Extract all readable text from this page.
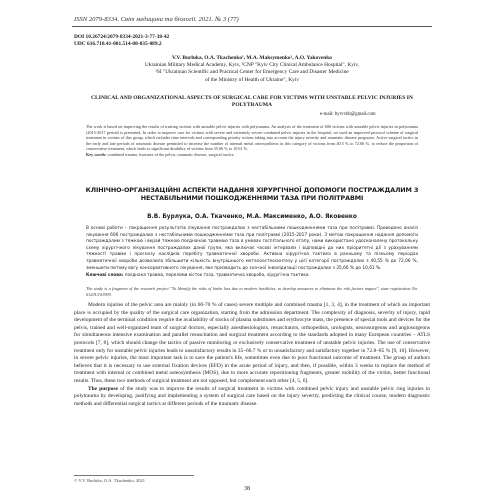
ISSN 2079-8334. Світ медицини та біології. 2021. № 3 (77)
DOI 10.26724/2079-8334-2021-3-77-38-42
UDC 616.718.41-001.514-08-035-089.2
V.V. Burluka, O.A. Tkachenko¹, M.A. Maksymenko², A.O. Yakovenko
Ukrainian Military Medical Academy, Kyiv, ¹CNP "Kyiv City Clinical Ambulance Hospital", Kyiv,
²SI "Ukrainian Scientific and Practical Center for Emergency Care and Disaster Medicine
of the Ministry of Health of Ukraine", Kyiv
CLINICAL AND ORGANIZATIONAL ASPECTS OF SURGICAL CARE FOR VICTIMS WITH UNSTABLE PELVIC INJURIES IN POLYTRAUMA
e-mail: byrvvbb@gmail.com
The work is based on improving the results of treating victims with unstable pelvic injuries with polytrauma. An analysis of the treatment of 606 victims with unstable pelvic injuries in polytrauma (2015-2017 period) is presented. In order to improve care for victims with severe and extremely severe combined pelvic injuries in the hospital, we used an improved protocol scheme of surgical treatment in victims of this group, which includes time intervals and corresponding priority actions taking into account the injury severity and traumatic disease prognosis. Active surgical tactics in the early and late periods of traumatic disease permitted to increase the number of internal metal osteosynthesis in this category of victims from 40.5 % to 72.06 %, to reduce the proportion of conservative treatment, which leads to significant disability of victims from 35.66 % to 10.61 %.
Key words: combined trauma, fractures of the pelvis, traumatic disease, surgical tactics.
КЛІНІЧНО-ОРГАНІЗАЦІЙНІ АСПЕКТИ НАДАННЯ ХІРУРГІЧНОЇ ДОПОМОГИ ПОСТРАЖДАЛИМ З НЕСТАБІЛЬНИМИ ПОШКОДЖЕННЯМИ ТАЗА ПРИ ПОЛІТРАВМІ
В.В. Бурлука, О.А. Ткаченко, М.А. Максименко, А.О. Яковенко
В основі роботи – покращення результатів лікування постраждалих з нестабільними пошкодженнями таза при політравмі. Проведено аналіз лікування 606 постраждалих з нестабільними пошкодженнями таза при політравмі (2015-2017 роки). З метою покращення надання допомоги постраждалим з тяжкою і вкрай тяжкою поєднаною травмою таза в умовах госпітального етапу, нами використано удосконалену протокольну схему хірургічного лікування постраждалих даної групи, яка включає часові інтервали і відповідні до них пріоритетні дії з урахуванням тяжкості травми і прогнозу наслідків перебігу травматичної хвороби. Активна хірургічна тактика в ранньому та пізньому періодах травматичної хвороби дозволила збільшити кількість внутрішнього металоостеосинтезу у цієї категорії постраждалих з 40,55 % до 72,06 %, зменшити питому вагу консервативного лікування, яке призводить до значної інвалідизації постраждалих з 35,66 % до 10,61 %.
Ключові слова: поєднана травма, переломи кісток таза, травматична хвороба, хірургічна тактика.
The study is a fragment of the research project "To Identify the risks of limbs loss due to modern hostilities, to develop measures to eliminate the risk factors impact", state registration No. 0120U101999.

Modern injuries of the pelvic area are mainly (in 60-70 % of cases) severe multiple and combined trauma [1, 3, 4], in the treatment of which an important place is occupied by the quality of the surgical care organization, starting from the admission department. The complexity of diagnosis, severity of injury, rapid development of the terminal condition require the availability of stocks of plasma substitutes and erythrocyte mass, the presence of special tools and devices for the pelvis, trained and well-organized team of surgical doctors, especially anesthesiologists, resuscitators, orthopedists, urologists, neurosurgeons and angiosurgeons for simultaneous intensive examination and parallel resuscitation and surgical treatment according to the standards adopted in many European countries – ATLS protocols [7, 8], which should change the tactics of passive monitoring or exclusively conservative treatment of unstable pelvic injuries. The use of conservative treatment only for unstable pelvic injuries leads to unsatisfactory results in 35–66.7 % or to unsatisfactory and satisfactory together in 72.8–85 % [9, 10]. However, in severe pelvic injuries, the most important task is to save the patient's life, sometimes even due to poor functional outcome of treatment. The group of authors believes that it is necessary to use external fixation devices (EFD) in the acute period of injury, and then, if possible, within 3 weeks to replace the method of treatment with internal or combined metal osteosynthesis (MOS), due to more accurate repositioning fragments, greater mobility of the victim, better functional results. Thus, these two methods of surgical treatment are not opposed, but complement each other [4, 5, 6].

The purpose of the study was to improve the results of surgical treatment in victims with combined pelvic injury and unstable pelvic ring injuries in polytrauma by developing, justifying and implementing a system of surgical care based on the injury severity, predicting the clinical course, modern diagnostic methods and differential surgical tactics at different periods of the traumatic disease.

© V.V. Burluka, O.A. Tkachenko, 2021
38
